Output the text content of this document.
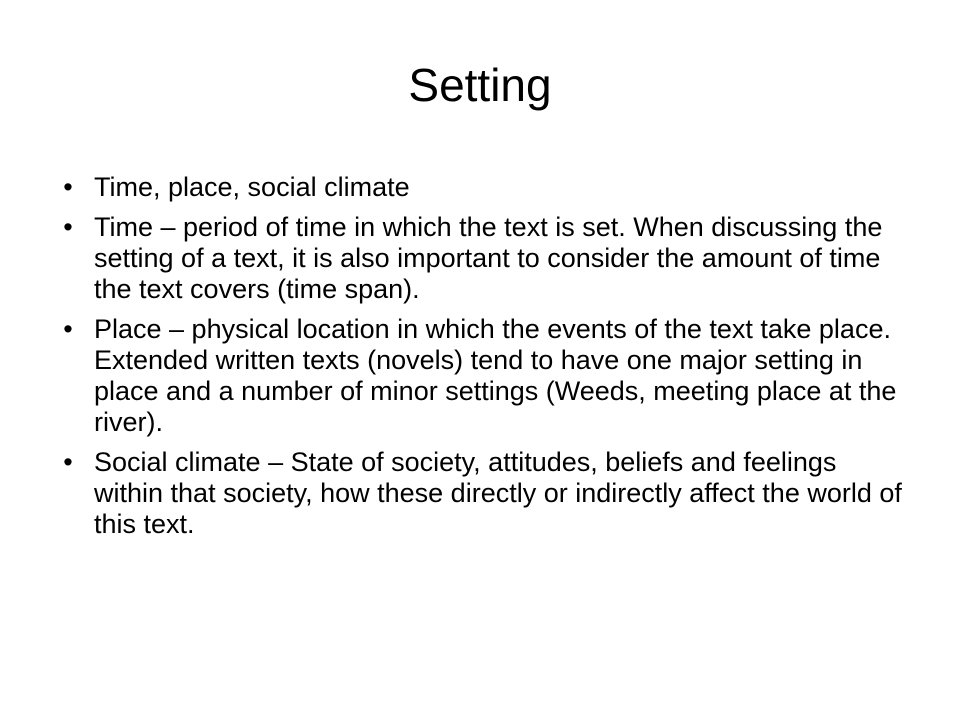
Setting
• Time, place, social climate
• Time – period of time in which the text is set. When discussing the setting of a text, it is also important to consider the amount of time the text covers (time span).
• Place – physical location in which the events of the text take place. Extended written texts (novels) tend to have one major setting in place and a number of minor settings (Weeds, meeting place at the river).
• Social climate – State of society, attitudes, beliefs and feelings within that society, how these directly or indirectly affect the world of this text.
